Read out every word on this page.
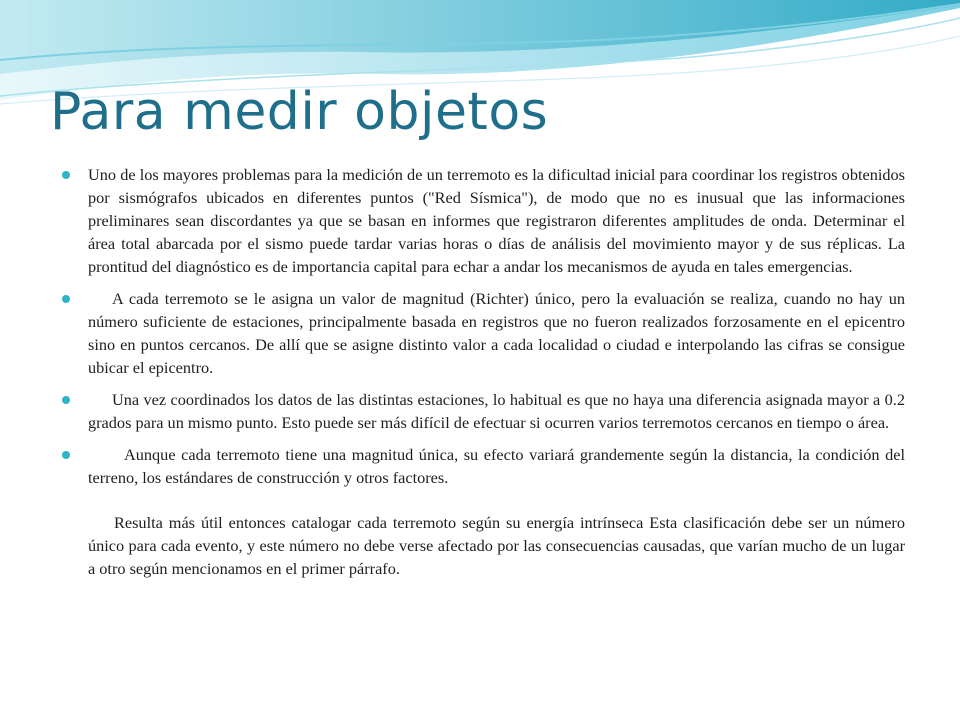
Para medir objetos
Uno de los mayores problemas para la medición de un terremoto es la dificultad inicial para coordinar los registros obtenidos por sismógrafos ubicados en diferentes puntos ("Red Sísmica"), de modo que no es inusual que las informaciones preliminares sean discordantes ya que se basan en informes que registraron diferentes amplitudes de onda. Determinar el área total abarcada por el sismo puede tardar varias horas o días de análisis del movimiento mayor y de sus réplicas. La prontitud del diagnóstico es de importancia capital para echar a andar los mecanismos de ayuda en tales emergencias.
A cada terremoto se le asigna un valor de magnitud (Richter) único, pero la evaluación se realiza, cuando no hay un número suficiente de estaciones, principalmente basada en registros que no fueron realizados forzosamente en el epicentro sino en puntos cercanos. De allí que se asigne distinto valor a cada localidad o ciudad e interpolando las cifras se consigue ubicar el epicentro.
Una vez coordinados los datos de las distintas estaciones, lo habitual es que no haya una diferencia asignada mayor a 0.2 grados para un mismo punto. Esto puede ser más difícil de efectuar si ocurren varios terremotos cercanos en tiempo o área.
Aunque cada terremoto tiene una magnitud única, su efecto variará grandemente según la distancia, la condición del terreno, los estándares de construcción y otros factores.

Resulta más útil entonces catalogar cada terremoto según su energía intrínseca Esta clasificación debe ser un número único para cada evento, y este número no debe verse afectado por las consecuencias causadas, que varían mucho de un lugar a otro según mencionamos en el primer párrafo.
